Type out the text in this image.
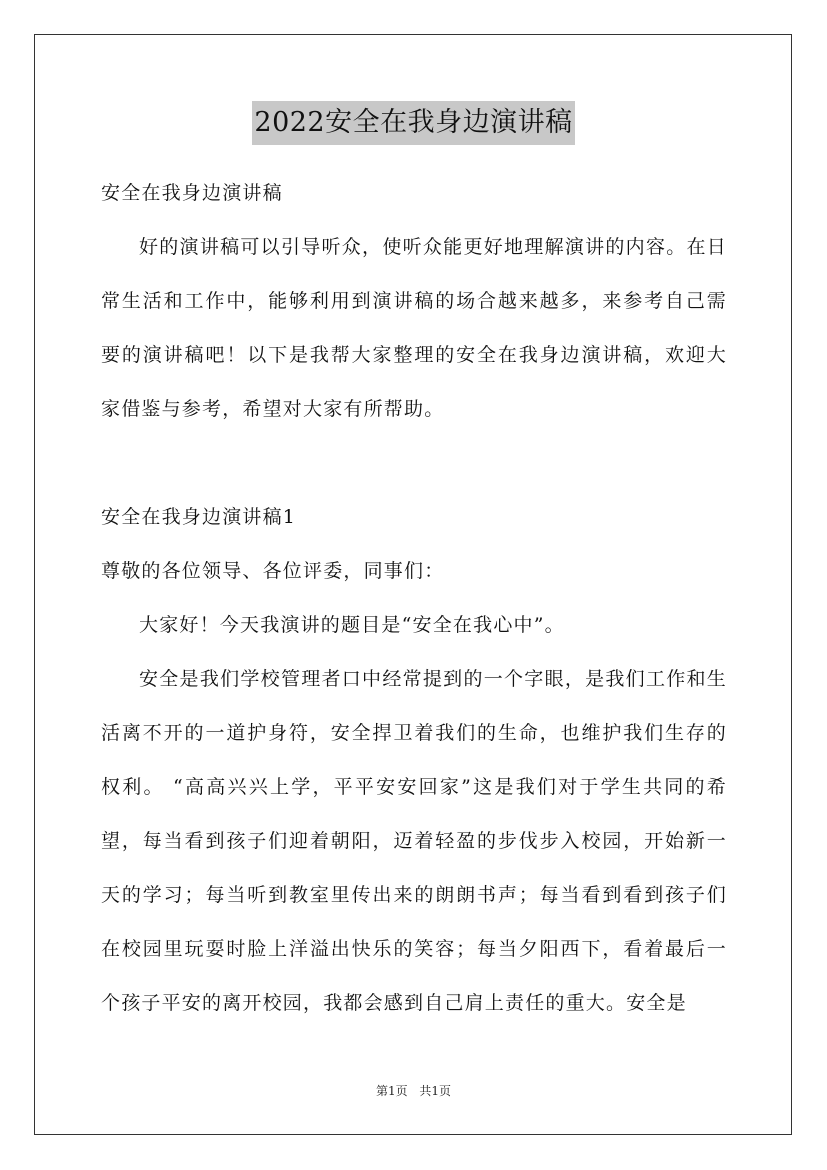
2022安全在我身边演讲稿

安全在我身边演讲稿

好的演讲稿可以引导听众，使听众能更好地理解演讲的内容。在日常生活和工作中，能够利用到演讲稿的场合越来越多，来参考自己需要的演讲稿吧！以下是我帮大家整理的安全在我身边演讲稿，欢迎大家借鉴与参考，希望对大家有所帮助。

安全在我身边演讲稿1

尊敬的各位领导、各位评委，同事们：

大家好！今天我演讲的题目是“安全在我心中”。

安全是我们学校管理者口中经常提到的一个字眼，是我们工作和生活离不开的一道护身符，安全捍卫着我们的生命，也维护我们生存的权利。 “高高兴兴上学，平平安安回家”这是我们对于学生共同的希望，每当看到孩子们迎着朝阳，迈着轻盈的步伐步入校园，开始新一天的学习；每当听到教室里传出来的朗朗书声；每当看到看到孩子们在校园里玩耍时脸上洋溢出快乐的笑容；每当夕阳西下，看着最后一个孩子平安的离开校园，我都会感到自己肩上责任的重大。安全是

第1页 共1页
